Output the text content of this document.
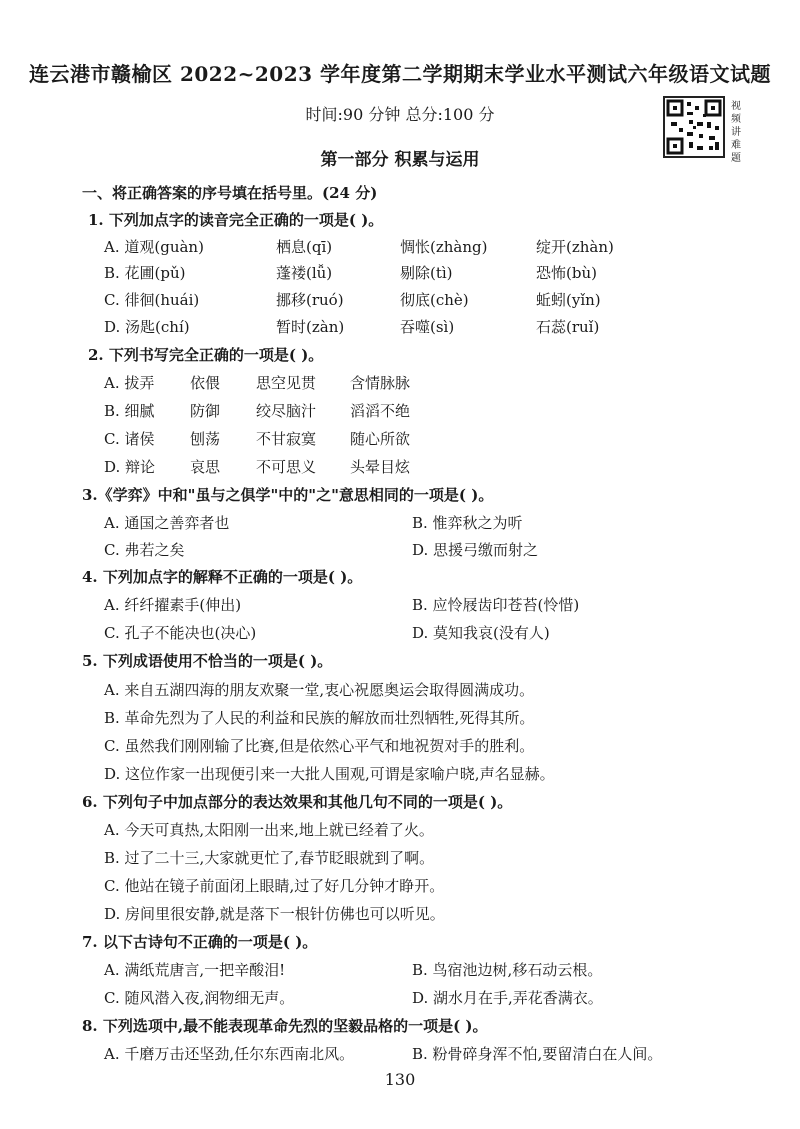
连云港市赣榆区 2022~2023 学年度第二学期期末学业水平测试六年级语文试题
时间:90 分钟 总分:100 分
第一部分 积累与运用
视频讲难题
一、将正确答案的序号填在括号里。(24 分)
1. 下列加点字的读音完全正确的一项是( )。
A. 道观(guàn)	栖息(qī)	惆怅(zhàng)	绽开(zhàn)
B. 花圃(pǔ)	蓬褛(lǚ)	剔除(tì)	恐怖(bù)
C. 徘徊(huái)	挪移(ruó)	彻底(chè)	蚯蚓(yǐn)
D. 汤匙(chí)	暂时(zàn)	吞噬(sì)	石蕊(ruǐ)
2. 下列书写完全正确的一项是( )。
A. 拔弄 依偎 思空见贯 含情脉脉
B. 细腻 防御 绞尽脑汁 滔滔不绝
C. 诸侯 刨荡 不甘寂寞 随心所欲
D. 辩论 哀思 不可思义 头晕目炫
3.《学弈》中和"虽与之俱学"中的"之"意思相同的一项是( )。
A. 通国之善弈者也	B. 惟弈秋之为听
C. 弗若之矣	D. 思援弓缴而射之
4. 下列加点字的解释不正确的一项是( )。
A. 纤纤擢素手(伸出)	B. 应怜屐齿印苍苔(怜惜)
C. 孔子不能决也(决心)	D. 莫知我哀(没有人)
5. 下列成语使用不恰当的一项是( )。
A. 来自五湖四海的朋友欢聚一堂,衷心祝愿奥运会取得圆满成功。
B. 革命先烈为了人民的利益和民族的解放而壮烈牺牲,死得其所。
C. 虽然我们刚刚输了比赛,但是依然心平气和地祝贺对手的胜利。
D. 这位作家一出现便引来一大批人围观,可谓是家喻户晓,声名显赫。
6. 下列句子中加点部分的表达效果和其他几句不同的一项是( )。
A. 今天可真热,太阳刚一出来,地上就已经着了火。
B. 过了二十三,大家就更忙了,春节眨眼就到了啊。
C. 他站在镜子前面闭上眼睛,过了好几分钟才睁开。
D. 房间里很安静,就是落下一根针仿佛也可以听见。
7. 以下古诗句不正确的一项是( )。
A. 满纸荒唐言,一把辛酸泪!	B. 鸟宿池边树,移石动云根。
C. 随风潜入夜,润物细无声。	D. 湖水月在手,弄花香满衣。
8. 下列选项中,最不能表现革命先烈的坚毅品格的一项是( )。
A. 千磨万击还坚劲,任尔东西南北风。	B. 粉骨碎身浑不怕,要留清白在人间。
130
